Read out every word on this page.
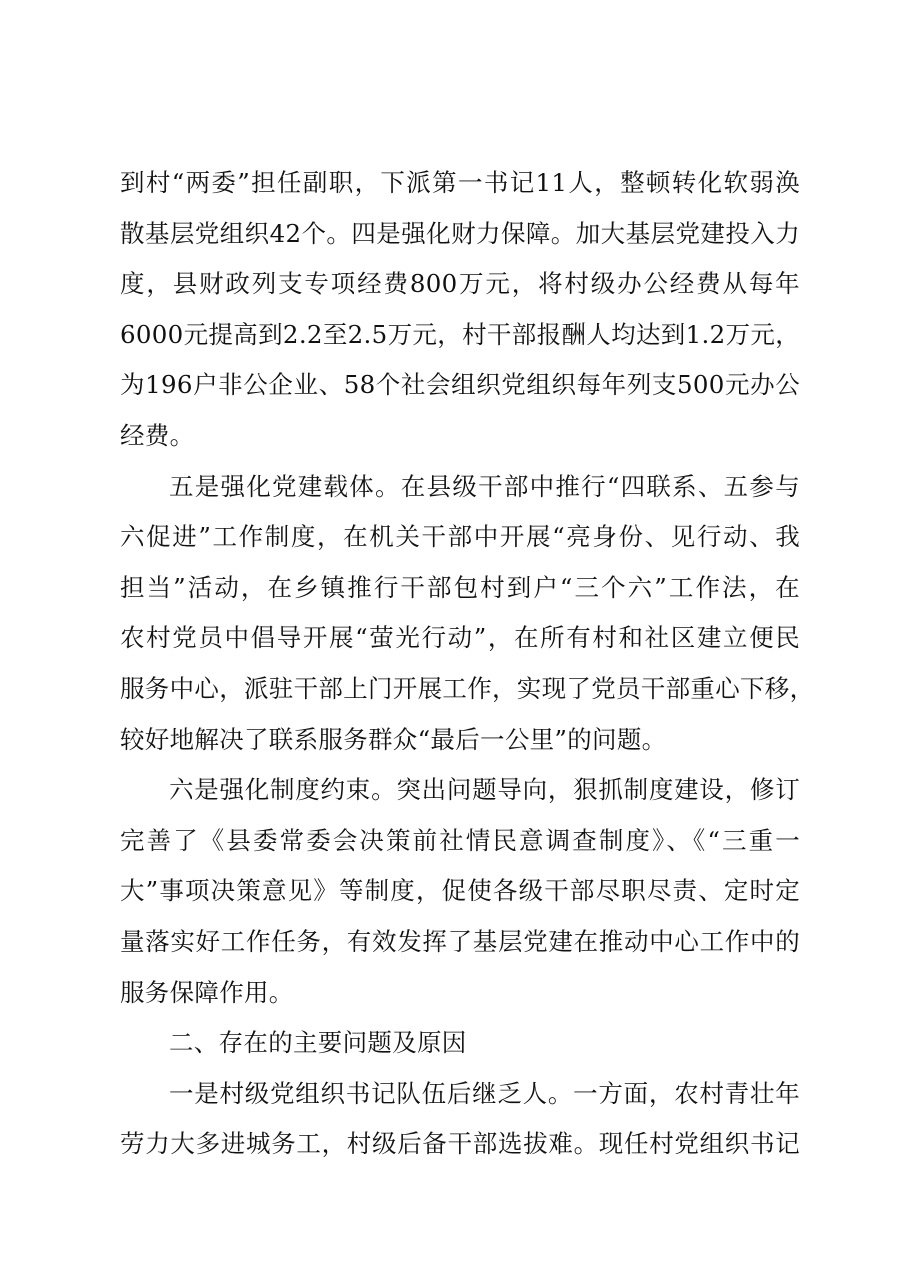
到村“两委”担任副职，下派第一书记11人，整顿转化软弱涣
散基层党组织42个。四是强化财力保障。加大基层党建投入力
度，县财政列支专项经费800万元，将村级办公经费从每年
6000元提高到2.2至2.5万元，村干部报酬人均达到1.2万元，
为196户非公企业、58个社会组织党组织每年列支500元办公
经费。
五是强化党建载体。在县级干部中推行“四联系、五参与
六促进”工作制度，在机关干部中开展“亮身份、见行动、我
担当”活动，在乡镇推行干部包村到户“三个六”工作法，在
农村党员中倡导开展“萤光行动”，在所有村和社区建立便民
服务中心，派驻干部上门开展工作，实现了党员干部重心下移，
较好地解决了联系服务群众“最后一公里”的问题。
六是强化制度约束。突出问题导向，狠抓制度建设，修订
完善了《县委常委会决策前社情民意调查制度》、《“三重一
大”事项决策意见》等制度，促使各级干部尽职尽责、定时定
量落实好工作任务，有效发挥了基层党建在推动中心工作中的
服务保障作用。
二、存在的主要问题及原因
一是村级党组织书记队伍后继乏人。一方面，农村青壮年
劳力大多进城务工，村级后备干部选拔难。现任村党组织书记
